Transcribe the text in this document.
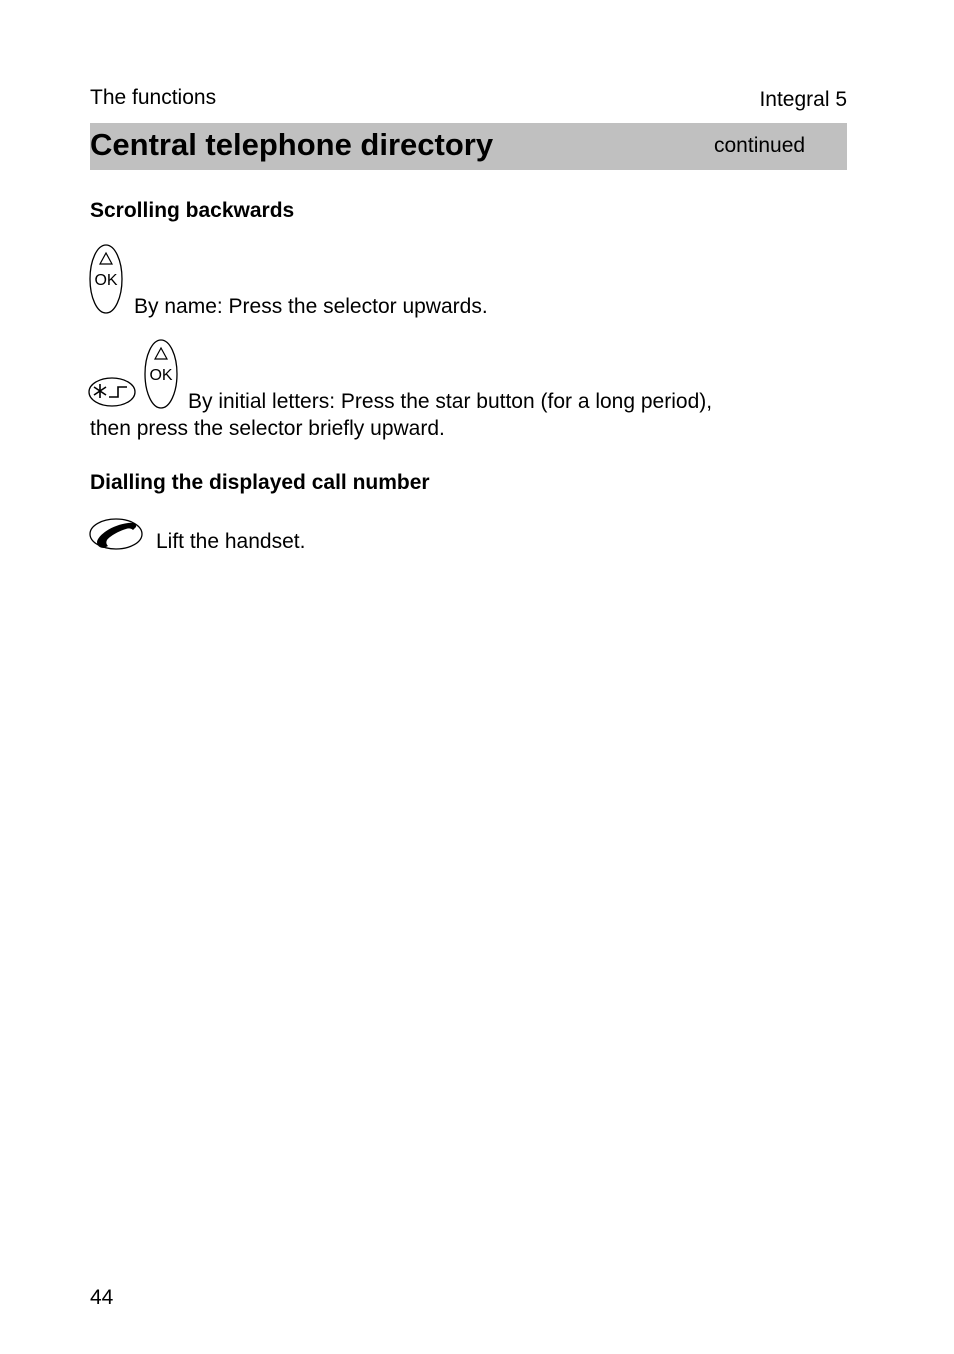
The functions	Integral 5
Central telephone directory	continued
Scrolling backwards
OK
By name: Press the selector upwards.
OK
By initial letters: Press the star button (for a long period),
then press the selector briefly upward.
Dialling the displayed call number
Lift the handset.
44
